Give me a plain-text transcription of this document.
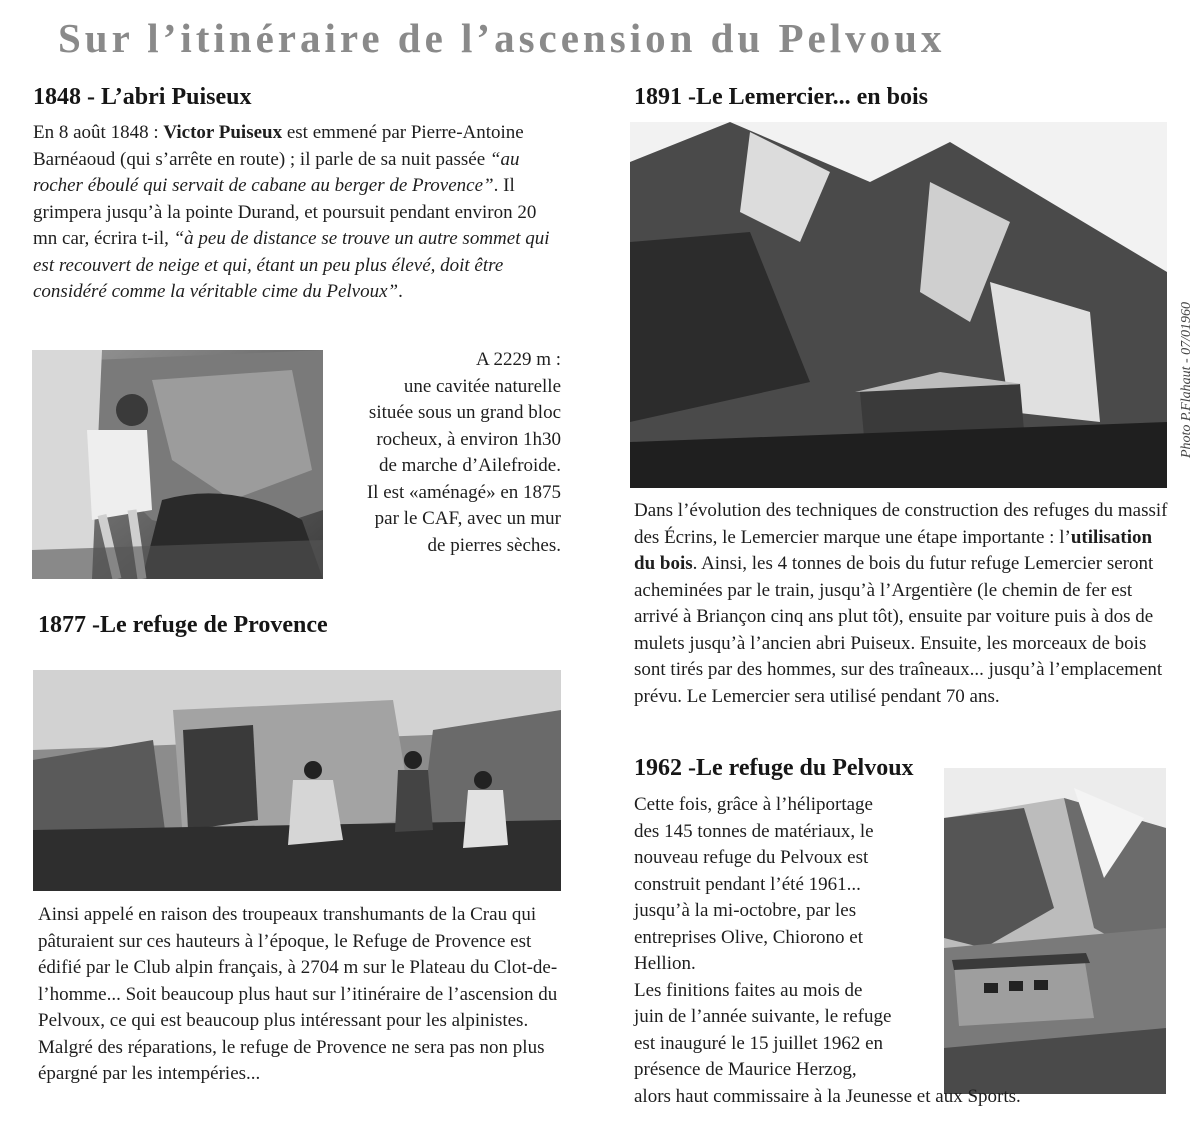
Sur l’itinéraire de l’ascension du Pelvoux
1848 - L’abri Puiseux
En 8 août 1848 : Victor Puiseux est emmené par Pierre-Antoine Barnéaoud (qui s’arrête en route) ; il parle de sa nuit passée “au rocher éboulé qui servait de cabane au berger de Provence”. Il grimpera jusqu’à la pointe Durand, et poursuit pendant environ 20 mn car, écrira t-il, “à peu de distance se trouve un autre sommet qui est recouvert de neige et qui, étant un peu plus élevé, doit être considéré comme la véritable cime du Pelvoux”.
A 2229 m :
une cavitée naturelle
située sous un grand bloc
rocheux, à environ 1h30
de marche d’Ailefroide.
Il est «aménagé» en 1875
par le CAF, avec un mur
de pierres sèches.
1877 -Le refuge de Provence
Ainsi appelé en raison des troupeaux transhumants de la Crau qui pâturaient sur ces hauteurs à l’époque, le Refuge de Provence est édifié par le Club alpin français, à 2704 m sur le Plateau du Clot-de-l’homme... Soit beaucoup plus haut sur l’itinéraire de l’ascension du Pelvoux, ce qui est beaucoup plus intéressant pour les alpinistes. Malgré des réparations, le refuge de Provence ne sera pas non plus épargné par les intempéries...
1891 -Le Lemercier... en bois
Photo P.Flahaut - 07/01960
Dans l’évolution des techniques de construction des refuges du massif des Écrins, le Lemercier marque une étape importante : l’utilisation du bois. Ainsi, les 4 tonnes de bois du futur refuge Lemercier seront acheminées par le train, jusqu’à l’Argentière (le chemin de fer est arrivé à Briançon cinq ans plut tôt), ensuite par voiture puis à dos de mulets jusqu’à l’ancien abri Puiseux. Ensuite, les morceaux de bois sont tirés par des hommes, sur des traîneaux... jusqu’à l’emplacement prévu. Le Lemercier sera utilisé pendant 70 ans.
1962 -Le refuge du Pelvoux
Cette fois, grâce à l’héliportage
des 145 tonnes de matériaux, le
nouveau refuge du Pelvoux est
construit pendant l’été 1961...
jusqu’à la mi-octobre, par les
entreprises Olive, Chiorono et
Hellion.
Les finitions faites au mois de
juin de l’année suivante, le refuge
est inauguré le 15 juillet 1962 en
présence de Maurice Herzog,
alors haut commissaire à la Jeunesse et aux Sports.
